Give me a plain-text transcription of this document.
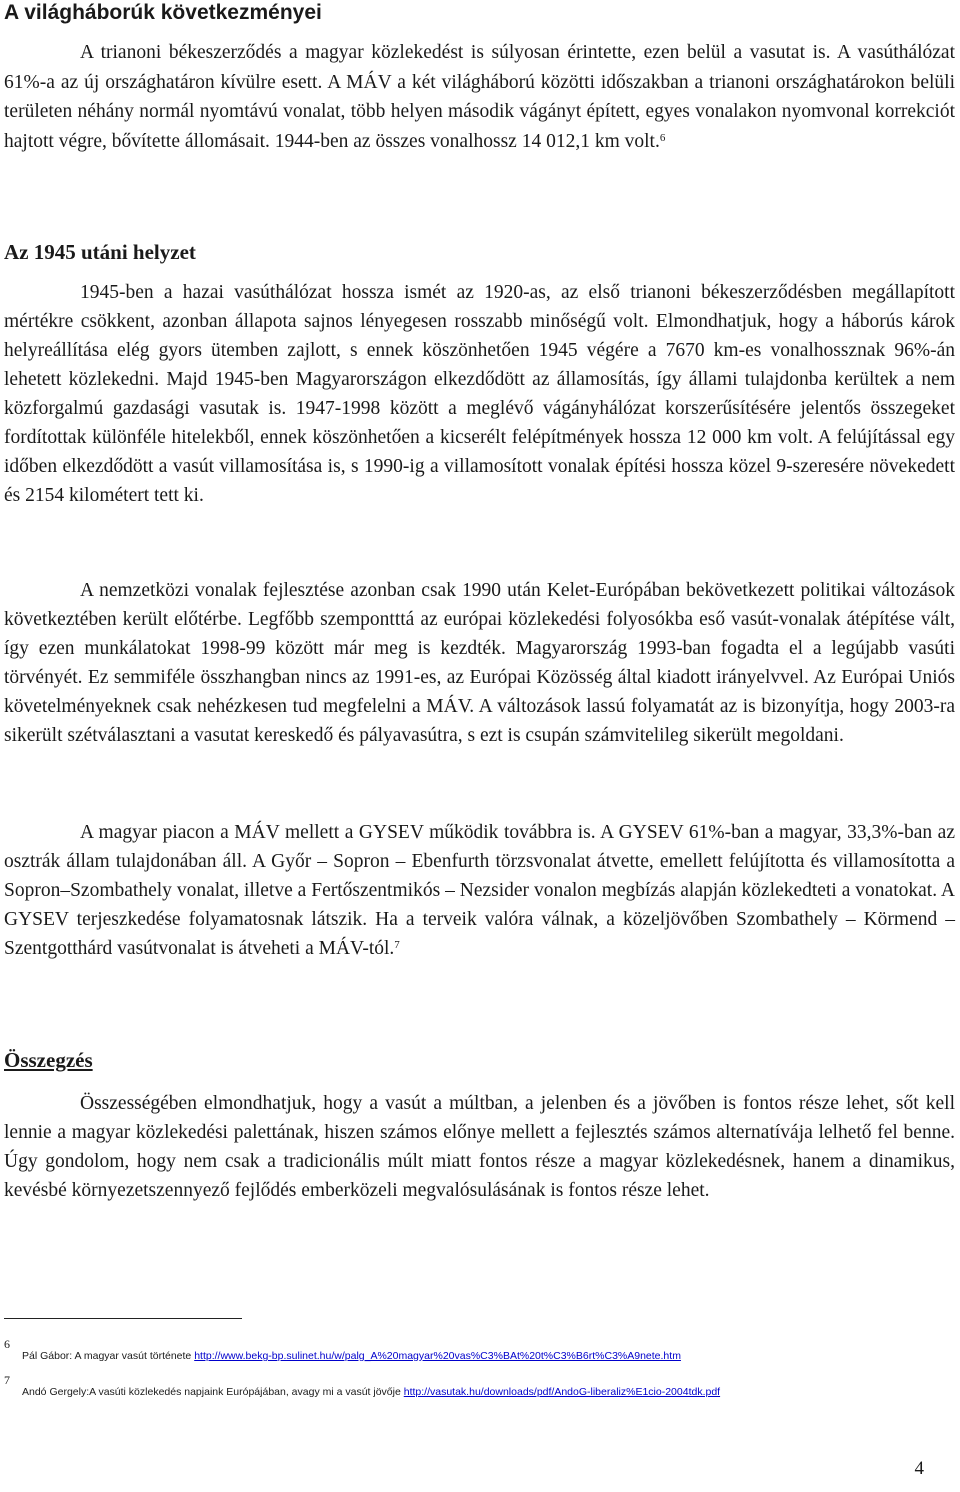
A világháborúk következményei

A trianoni békeszerződés a magyar közlekedést is súlyosan érintette, ezen belül a vasutat is. A vasúthálózat 61%-a az új országhatáron kívülre esett. A MÁV a két világháború közötti időszakban a trianoni országhatárokon belüli területen néhány normál nyomtávú vonalat, több helyen második vágányt épített, egyes vonalakon nyomvonal korrekciót hajtott végre, bővítette állomásait. 1944-ben az összes vonalhossz 14 012,1 km volt.$^6$

Az 1945 utáni helyzet

1945-ben a hazai vasúthálózat hossza ismét az 1920-as, az első trianoni békeszerződésben megállapított mértékre csökkent, azonban állapota sajnos lényegesen rosszabb minőségű volt. Elmondhatjuk, hogy a háborús károk helyreállítása elég gyors ütemben zajlott, s ennek köszönhetően 1945 végére a 7670 km-es vonalhossznak 96%-án lehetett közlekedni. Majd 1945-ben Magyarországon elkezdődött az államosítás, így állami tulajdonba kerültek a nem közforgalmú gazdasági vasutak is. 1947-1998 között a meglévő vágányhálózat korszerűsítésére jelentős összegeket fordítottak különféle hitelekből, ennek köszönhetően a kicserélt felépítmények hossza 12 000 km volt. A felújítással egy időben elkezdődött a vasút villamosítása is, s 1990-ig a villamosított vonalak építési hossza közel 9-szeresére növekedett és 2154 kilométert tett ki.

A nemzetközi vonalak fejlesztése azonban csak 1990 után Kelet-Európában bekövetkezett politikai változások következtében került előtérbe. Legfőbb szempontttá az európai közlekedési folyosókba eső vasút-vonalak átépítése vált, így ezen munkálatokat 1998-99 között már meg is kezdték. Magyarország 1993-ban fogadta el a legújabb vasúti törvényét. Ez semmiféle összhangban nincs az 1991-es, az Európai Közösség által kiadott irányelvvel. Az Európai Uniós követelményeknek csak nehézkesen tud megfelelni a MÁV. A változások lassú folyamatát az is bizonyítja, hogy 2003-ra sikerült szétválasztani a vasutat kereskedő és pályavasútra, s ezt is csupán számvitelileg sikerült megoldani.

A magyar piacon a MÁV mellett a GYSEV működik továbbra is. A GYSEV 61%-ban a magyar, 33,3%-ban az osztrák állam tulajdonában áll. A Győr – Sopron – Ebenfurth törzsvonalat átvette, emellett felújította és villamosította a Sopron–Szombathely vonalat, illetve a Fertőszentmikós – Nezsider vonalon megbízás alapján közlekedteti a vonatokat. A GYSEV terjeszkedése folyamatosnak látszik. Ha a terveik valóra válnak, a közeljövőben Szombathely – Körmend – Szentgotthárd vasútvonalat is átveheti a MÁV-tól.$^7$

Összegzés

Összességében elmondhatjuk, hogy a vasút a múltban, a jelenben és a jövőben is fontos része lehet, sőt kell lennie a magyar közlekedési palettának, hiszen számos előnye mellett a fejlesztés számos alternatívája lelhető fel benne. Úgy gondolom, hogy nem csak a tradicionális múlt miatt fontos része a magyar közlekedésnek, hanem a dinamikus, kevésbé környezetszennyező fejlődés emberközeli megvalósulásának is fontos része lehet.

6

Pál Gábor: A magyar vasút története http://www.bekg-bp.sulinet.hu/w/palg_A%20magyar%20vas%C3%BAt%20t%C3%B6rt%C3%A9nete.htm

7

Andó Gergely:A vasúti közlekedés napjaink Európájában, avagy mi a vasút jövője http://vasutak.hu/downloads/pdf/AndoG-liberaliz%E1cio-2004tdk.pdf

4
